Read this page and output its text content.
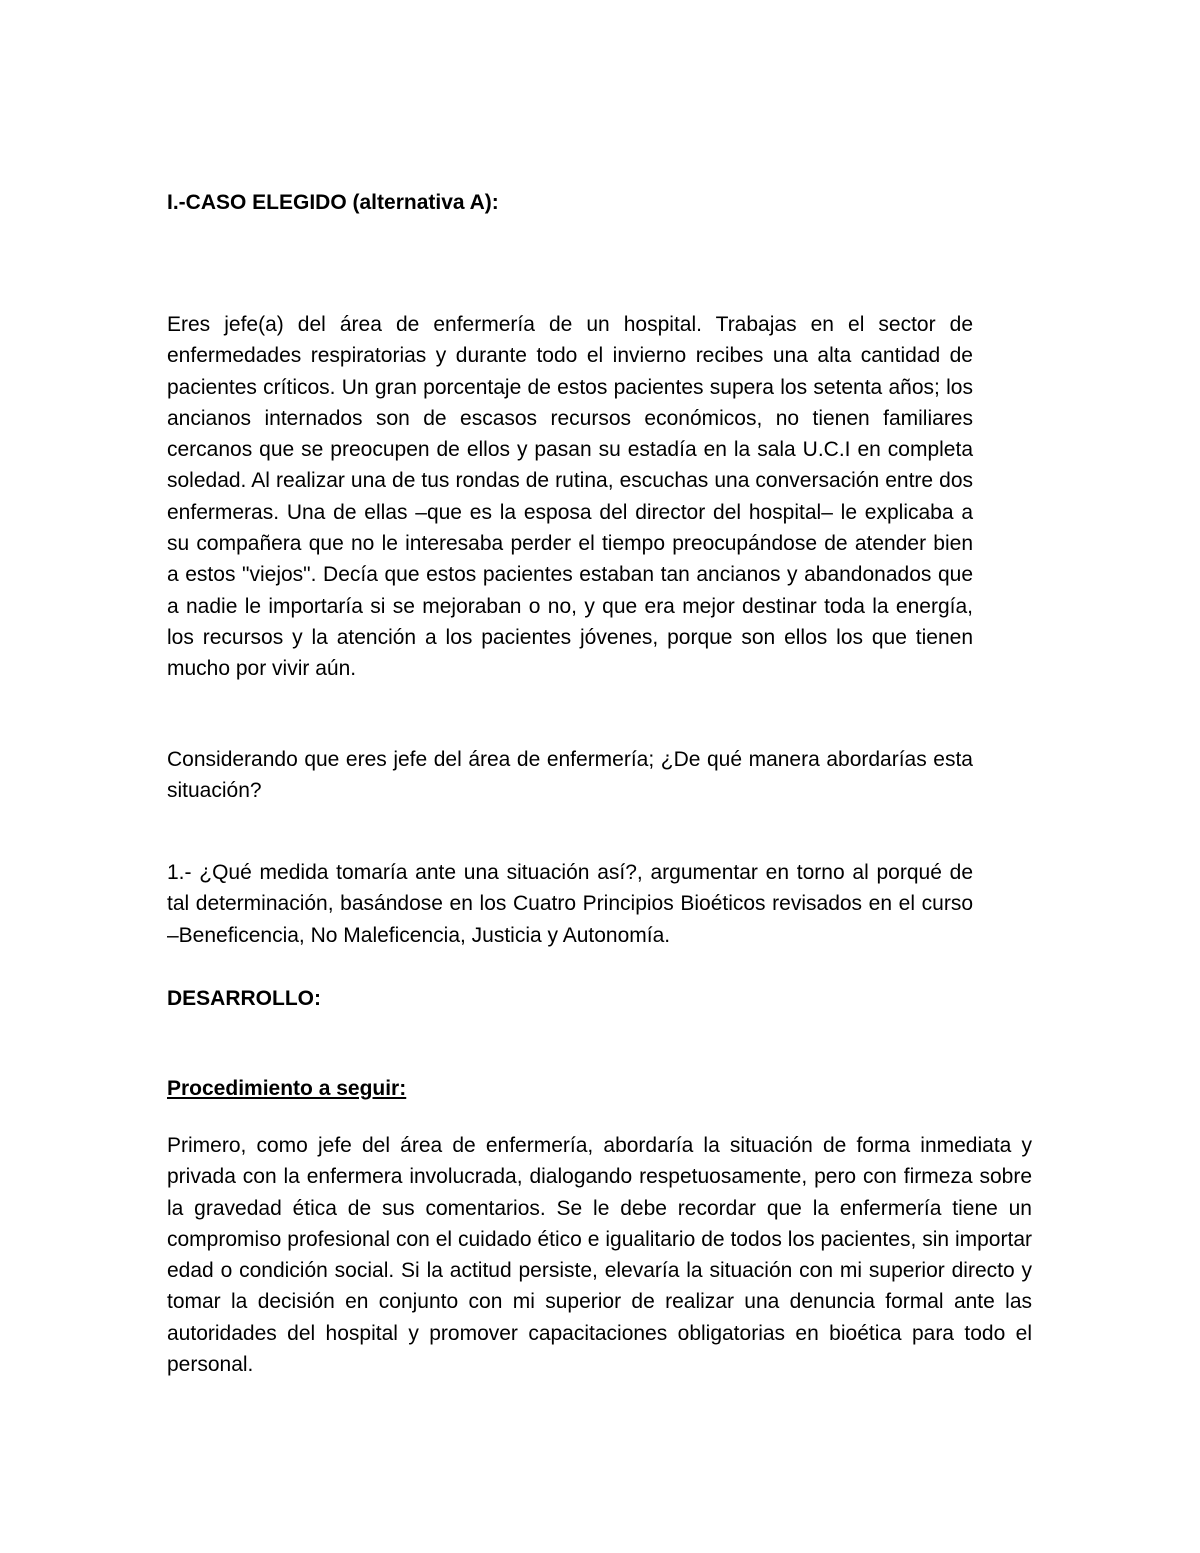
I.-CASO ELEGIDO (alternativa A):

Eres jefe(a) del área de enfermería de un hospital. Trabajas en el sector de enfermedades respiratorias y durante todo el invierno recibes una alta cantidad de pacientes críticos. Un gran porcentaje de estos pacientes supera los setenta años; los ancianos internados son de escasos recursos económicos, no tienen familiares cercanos que se preocupen de ellos y pasan su estadía en la sala U.C.I en completa soledad. Al realizar una de tus rondas de rutina, escuchas una conversación entre dos enfermeras. Una de ellas –que es la esposa del director del hospital– le explicaba a su compañera que no le interesaba perder el tiempo preocupándose de atender bien a estos "viejos". Decía que estos pacientes estaban tan ancianos y abandonados que a nadie le importaría si se mejoraban o no, y que era mejor destinar toda la energía, los recursos y la atención a los pacientes jóvenes, porque son ellos los que tienen mucho por vivir aún.

Considerando que eres jefe del área de enfermería; ¿De qué manera abordarías esta situación?

1.- ¿Qué medida tomaría ante una situación así?, argumentar en torno al porqué de tal determinación, basándose en los Cuatro Principios Bioéticos revisados en el curso –Beneficencia, No Maleficencia, Justicia y Autonomía.

DESARROLLO:

Procedimiento a seguir:

Primero, como jefe del área de enfermería, abordaría la situación de forma inmediata y privada con la enfermera involucrada, dialogando respetuosamente, pero con firmeza sobre la gravedad ética de sus comentarios. Se le debe recordar que la enfermería tiene un compromiso profesional con el cuidado ético e igualitario de todos los pacientes, sin importar edad o condición social. Si la actitud persiste, elevaría la situación con mi superior directo y tomar la decisión en conjunto con mi superior de realizar una denuncia formal ante las autoridades del hospital y promover capacitaciones obligatorias en bioética para todo el personal.
